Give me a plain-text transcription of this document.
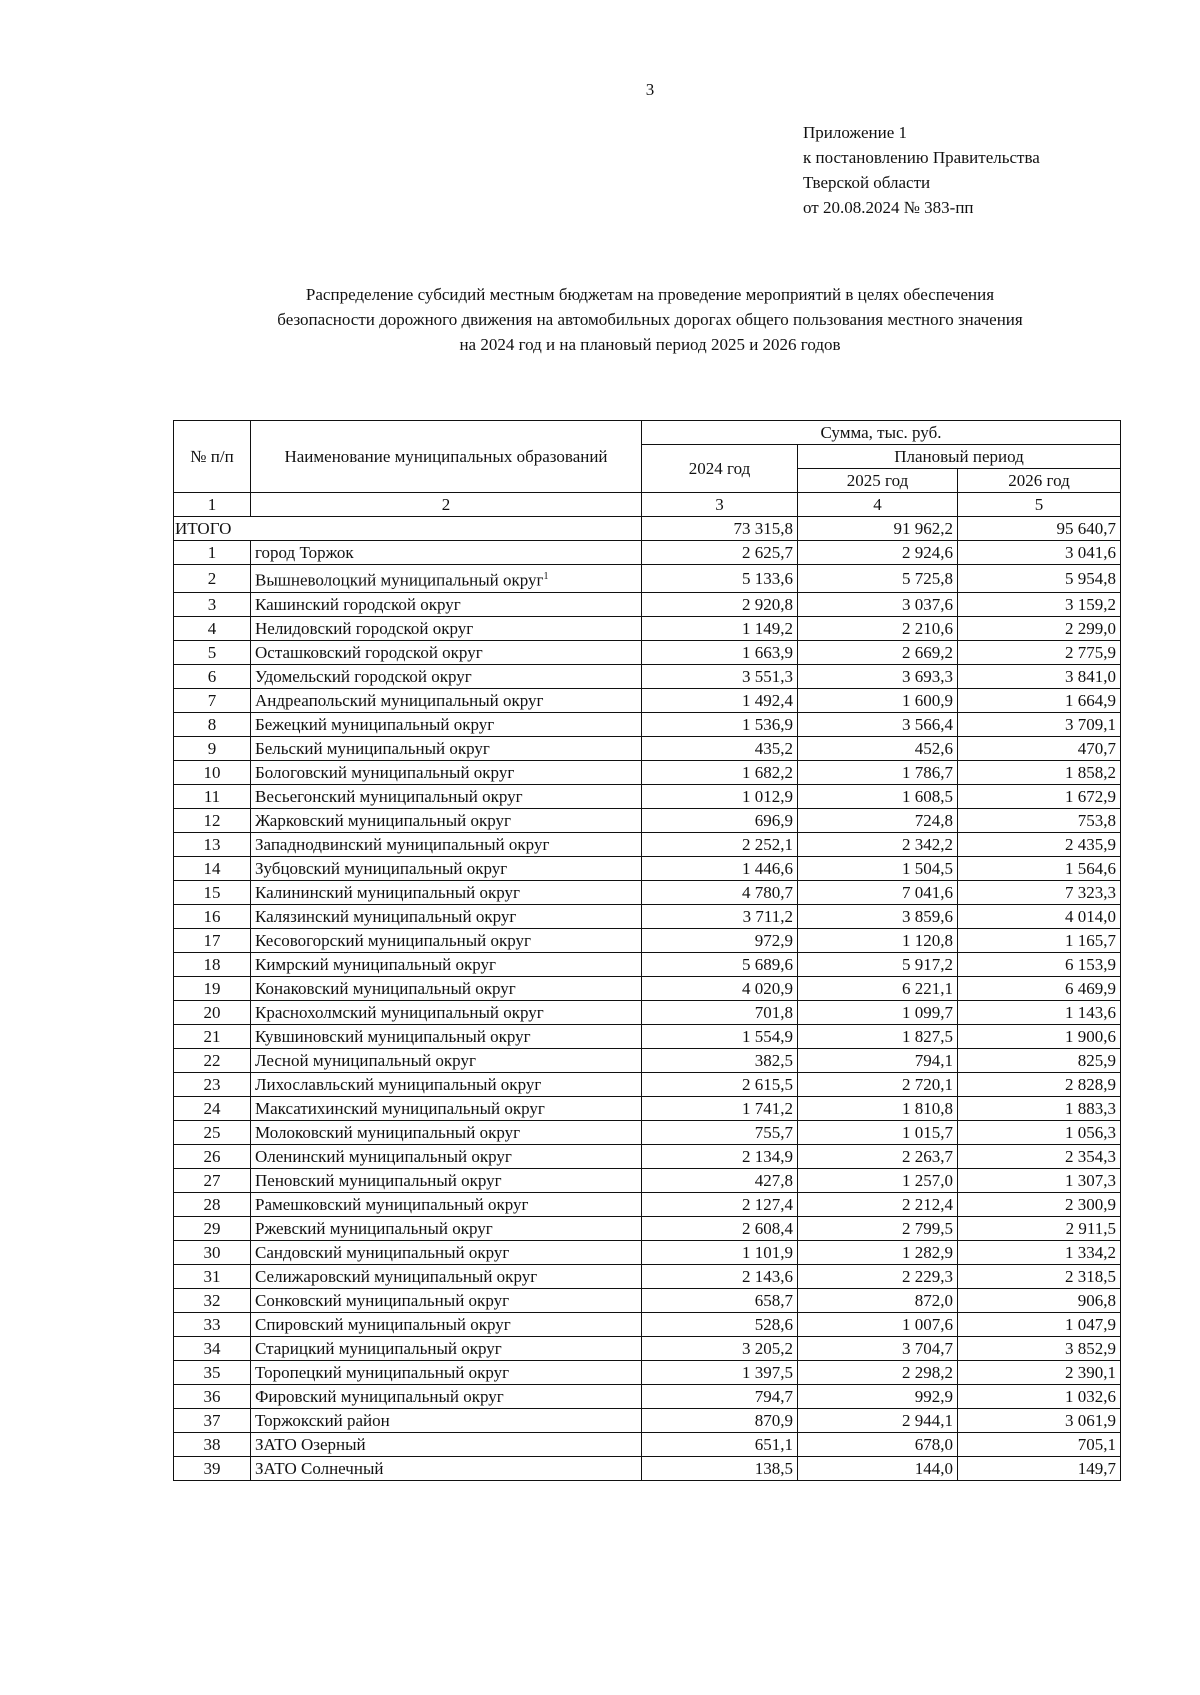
3
Приложение 1
к постановлению Правительства
Тверской области
от 20.08.2024 № 383-пп
Распределение субсидий местным бюджетам на проведение мероприятий в целях обеспечения
безопасности дорожного движения на автомобильных дорогах общего пользования местного значения
на 2024 год и на плановый период 2025 и 2026 годов
№ п/п	Наименование муниципальных образований	Сумма, тыс. руб.		
		2024 год	Плановый период	
			2025 год	2026 год
1	2	3	4	5
ИТОГО		73 315,8	91 962,2	95 640,7
1	город Торжок	2 625,7	2 924,6	3 041,6
2	Вышневолоцкий муниципальный округ$^1$	5 133,6	5 725,8	5 954,8
3	Кашинский городской округ	2 920,8	3 037,6	3 159,2
4	Нелидовский городской округ	1 149,2	2 210,6	2 299,0
5	Осташковский городской округ	1 663,9	2 669,2	2 775,9
6	Удомельский городской округ	3 551,3	3 693,3	3 841,0
7	Андреапольский муниципальный округ	1 492,4	1 600,9	1 664,9
8	Бежецкий муниципальный округ	1 536,9	3 566,4	3 709,1
9	Бельский муниципальный округ	435,2	452,6	470,7
10	Бологовский муниципальный округ	1 682,2	1 786,7	1 858,2
11	Весьегонский муниципальный округ	1 012,9	1 608,5	1 672,9
12	Жарковский муниципальный округ	696,9	724,8	753,8
13	Западнодвинский муниципальный округ	2 252,1	2 342,2	2 435,9
14	Зубцовский муниципальный округ	1 446,6	1 504,5	1 564,6
15	Калининский муниципальный округ	4 780,7	7 041,6	7 323,3
16	Калязинский муниципальный округ	3 711,2	3 859,6	4 014,0
17	Кесовогорский муниципальный округ	972,9	1 120,8	1 165,7
18	Кимрский муниципальный округ	5 689,6	5 917,2	6 153,9
19	Конаковский муниципальный округ	4 020,9	6 221,1	6 469,9
20	Краснохолмский муниципальный округ	701,8	1 099,7	1 143,6
21	Кувшиновский муниципальный округ	1 554,9	1 827,5	1 900,6
22	Лесной муниципальный округ	382,5	794,1	825,9
23	Лихославльский муниципальный округ	2 615,5	2 720,1	2 828,9
24	Максатихинский муниципальный округ	1 741,2	1 810,8	1 883,3
25	Молоковский муниципальный округ	755,7	1 015,7	1 056,3
26	Оленинский муниципальный округ	2 134,9	2 263,7	2 354,3
27	Пеновский муниципальный округ	427,8	1 257,0	1 307,3
28	Рамешковский муниципальный округ	2 127,4	2 212,4	2 300,9
29	Ржевский муниципальный округ	2 608,4	2 799,5	2 911,5
30	Сандовский муниципальный округ	1 101,9	1 282,9	1 334,2
31	Селижаровский муниципальный округ	2 143,6	2 229,3	2 318,5
32	Сонковский муниципальный округ	658,7	872,0	906,8
33	Спировский муниципальный округ	528,6	1 007,6	1 047,9
34	Старицкий муниципальный округ	3 205,2	3 704,7	3 852,9
35	Торопецкий муниципальный округ	1 397,5	2 298,2	2 390,1
36	Фировский муниципальный округ	794,7	992,9	1 032,6
37	Торжокский район	870,9	2 944,1	3 061,9
38	ЗАТО Озерный	651,1	678,0	705,1
39	ЗАТО Солнечный	138,5	144,0	149,7
